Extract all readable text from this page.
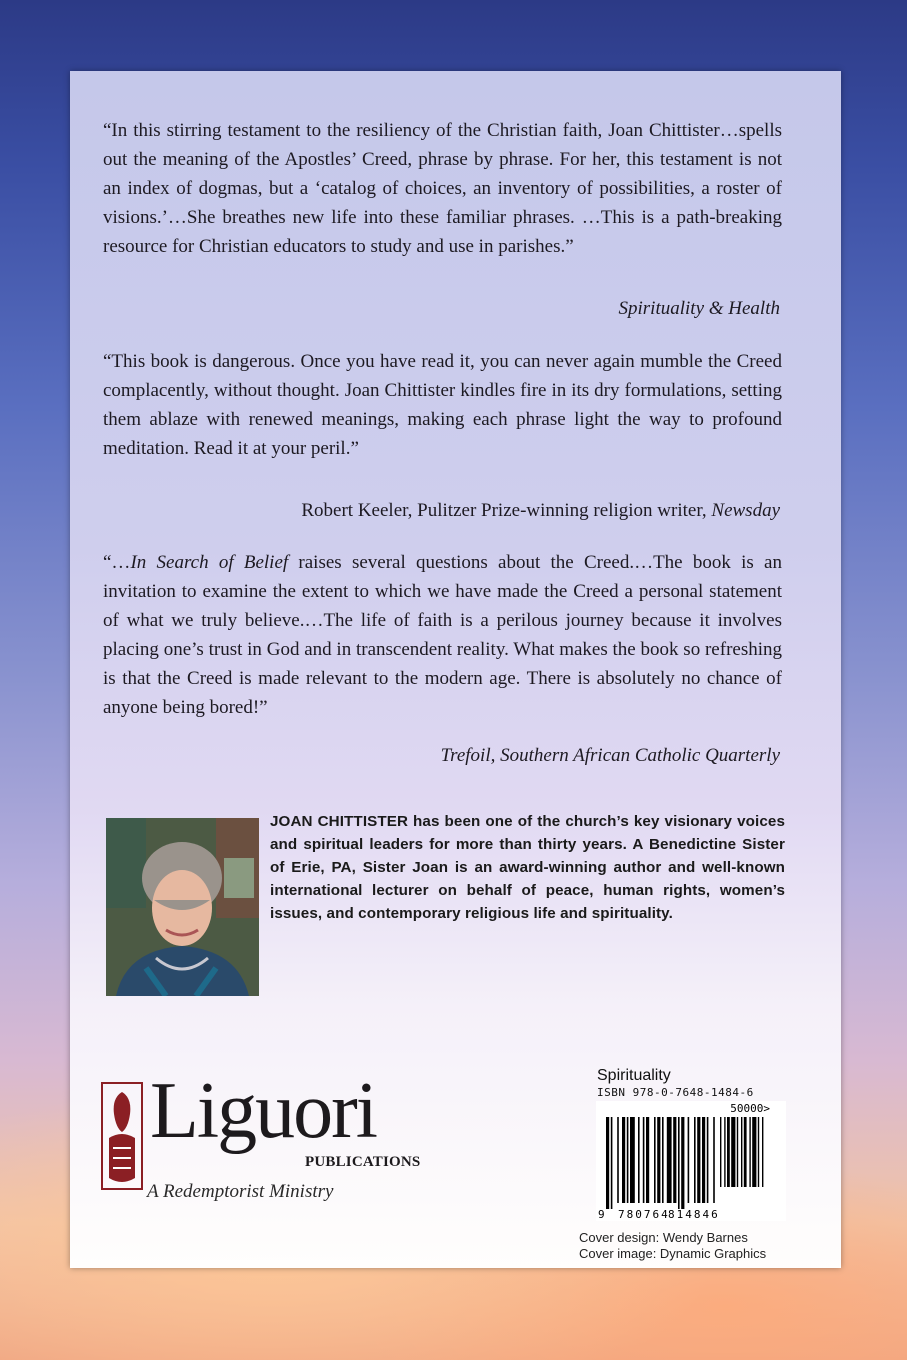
“In this stirring testament to the resiliency of the Christian faith, Joan Chittister…spells out the meaning of the Apostles’ Creed, phrase by phrase. For her, this testament is not an index of dogmas, but a ‘catalog of choices, an inventory of possibilities, a roster of visions.’…She breathes new life into these familiar phrases. …This is a path-breaking resource for Christian educators to study and use in parishes.”

Spirituality & Health

“This book is dangerous. Once you have read it, you can never again mumble the Creed complacently, without thought. Joan Chittister kindles fire in its dry formulations, setting them ablaze with renewed meanings, making each phrase light the way to profound meditation. Read it at your peril.”

Robert Keeler, Pulitzer Prize-winning religion writer, Newsday

“…In Search of Belief raises several questions about the Creed.…The book is an invitation to examine the extent to which we have made the Creed a personal statement of what we truly believe.…The life of faith is a perilous journey because it involves placing one’s trust in God and in transcendent reality. What makes the book so refreshing is that the Creed is made relevant to the modern age. There is absolutely no chance of anyone being bored!”

Trefoil, Southern African Catholic Quarterly

JOAN CHITTISTER has been one of the church’s key visionary voices and spiritual leaders for more than thirty years. A Benedictine Sister of Erie, PA, Sister Joan is an award-winning author and well-known international lecturer on behalf of peace, human rights, women’s issues, and contemporary religious life and spirituality.

Liguori

PUBLICATIONS

A Redemptorist Ministry

Spirituality

ISBN 978-0-7648-1484-6

50000>
9 780764
814846

Cover design: Wendy Barnes

Cover image: Dynamic Graphics
